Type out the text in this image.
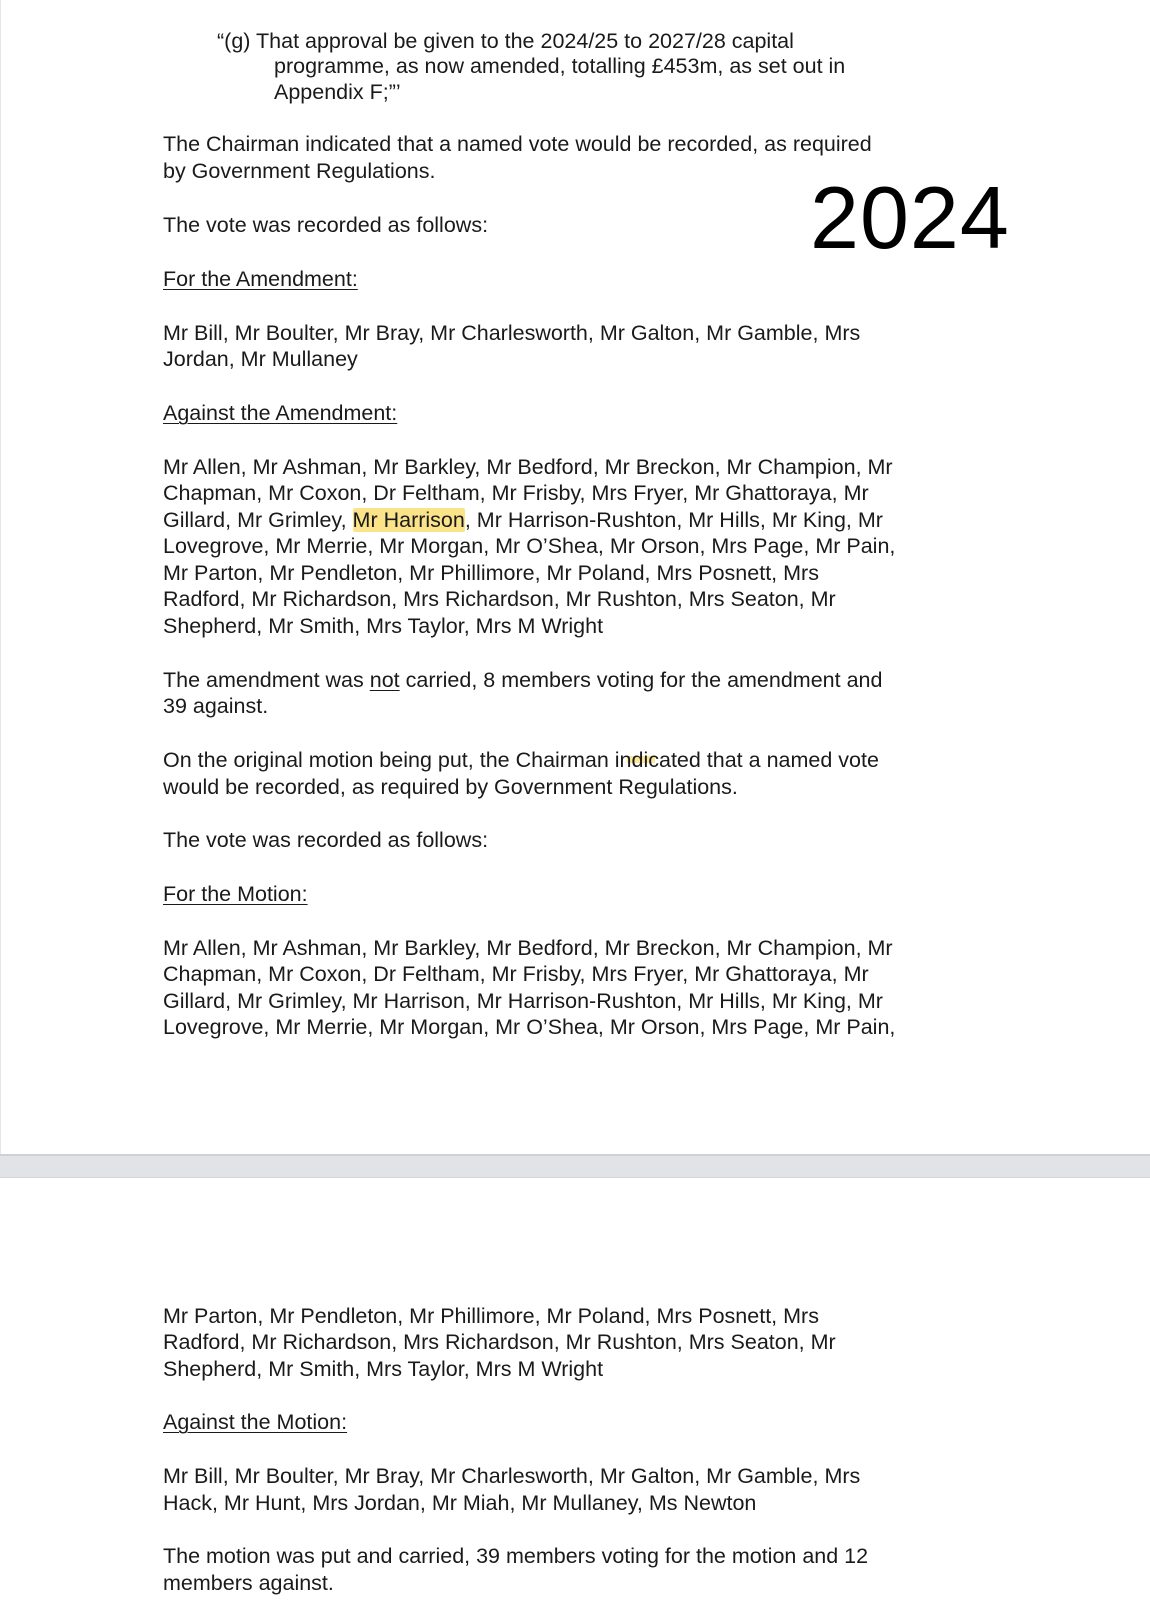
“(g) That approval be given to the 2024/25 to 2027/28 capital

programme, as now amended, totalling £453m, as set out in
Appendix F;”’

The Chairman indicated that a named vote would be recorded, as required

by Government Regulations.	2024

The vote was recorded as follows:

For the Amendment:

Mr Bill, Mr Boulter, Mr Bray, Mr Charlesworth, Mr Galton, Mr Gamble, Mrs

Jordan, Mr Mullaney

Against the Amendment:

Mr Allen, Mr Ashman, Mr Barkley, Mr Bedford, Mr Breckon, Mr Champion, Mr

Chapman, Mr Coxon, Dr Feltham, Mr Frisby, Mrs Fryer, Mr Ghattoraya, Mr

Gillard, Mr Grimley, Mr Harrison, Mr Harrison-Rushton, Mr Hills, Mr King, Mr

Lovegrove, Mr Merrie, Mr Morgan, Mr O’Shea, Mr Orson, Mrs Page, Mr Pain,

Mr Parton, Mr Pendleton, Mr Phillimore, Mr Poland, Mrs Posnett, Mrs

Radford, Mr Richardson, Mrs Richardson, Mr Rushton, Mrs Seaton, Mr

Shepherd, Mr Smith, Mrs Taylor, Mrs M Wright

The amendment was not carried, 8 members voting for the amendment and

39 against.

On the original motion being put, the Chairman indicated that a named vote

would be recorded, as required by Government Regulations.

The vote was recorded as follows:

For the Motion:

Mr Allen, Mr Ashman, Mr Barkley, Mr Bedford, Mr Breckon, Mr Champion, Mr

Chapman, Mr Coxon, Dr Feltham, Mr Frisby, Mrs Fryer, Mr Ghattoraya, Mr

Gillard, Mr Grimley, Mr Harrison, Mr Harrison-Rushton, Mr Hills, Mr King, Mr

Lovegrove, Mr Merrie, Mr Morgan, Mr O’Shea, Mr Orson, Mrs Page, Mr Pain,

Mr Parton, Mr Pendleton, Mr Phillimore, Mr Poland, Mrs Posnett, Mrs

Radford, Mr Richardson, Mrs Richardson, Mr Rushton, Mrs Seaton, Mr

Shepherd, Mr Smith, Mrs Taylor, Mrs M Wright

Against the Motion:

Mr Bill, Mr Boulter, Mr Bray, Mr Charlesworth, Mr Galton, Mr Gamble, Mrs

Hack, Mr Hunt, Mrs Jordan, Mr Miah, Mr Mullaney, Ms Newton

The motion was put and carried, 39 members voting for the motion and 12

members against.
